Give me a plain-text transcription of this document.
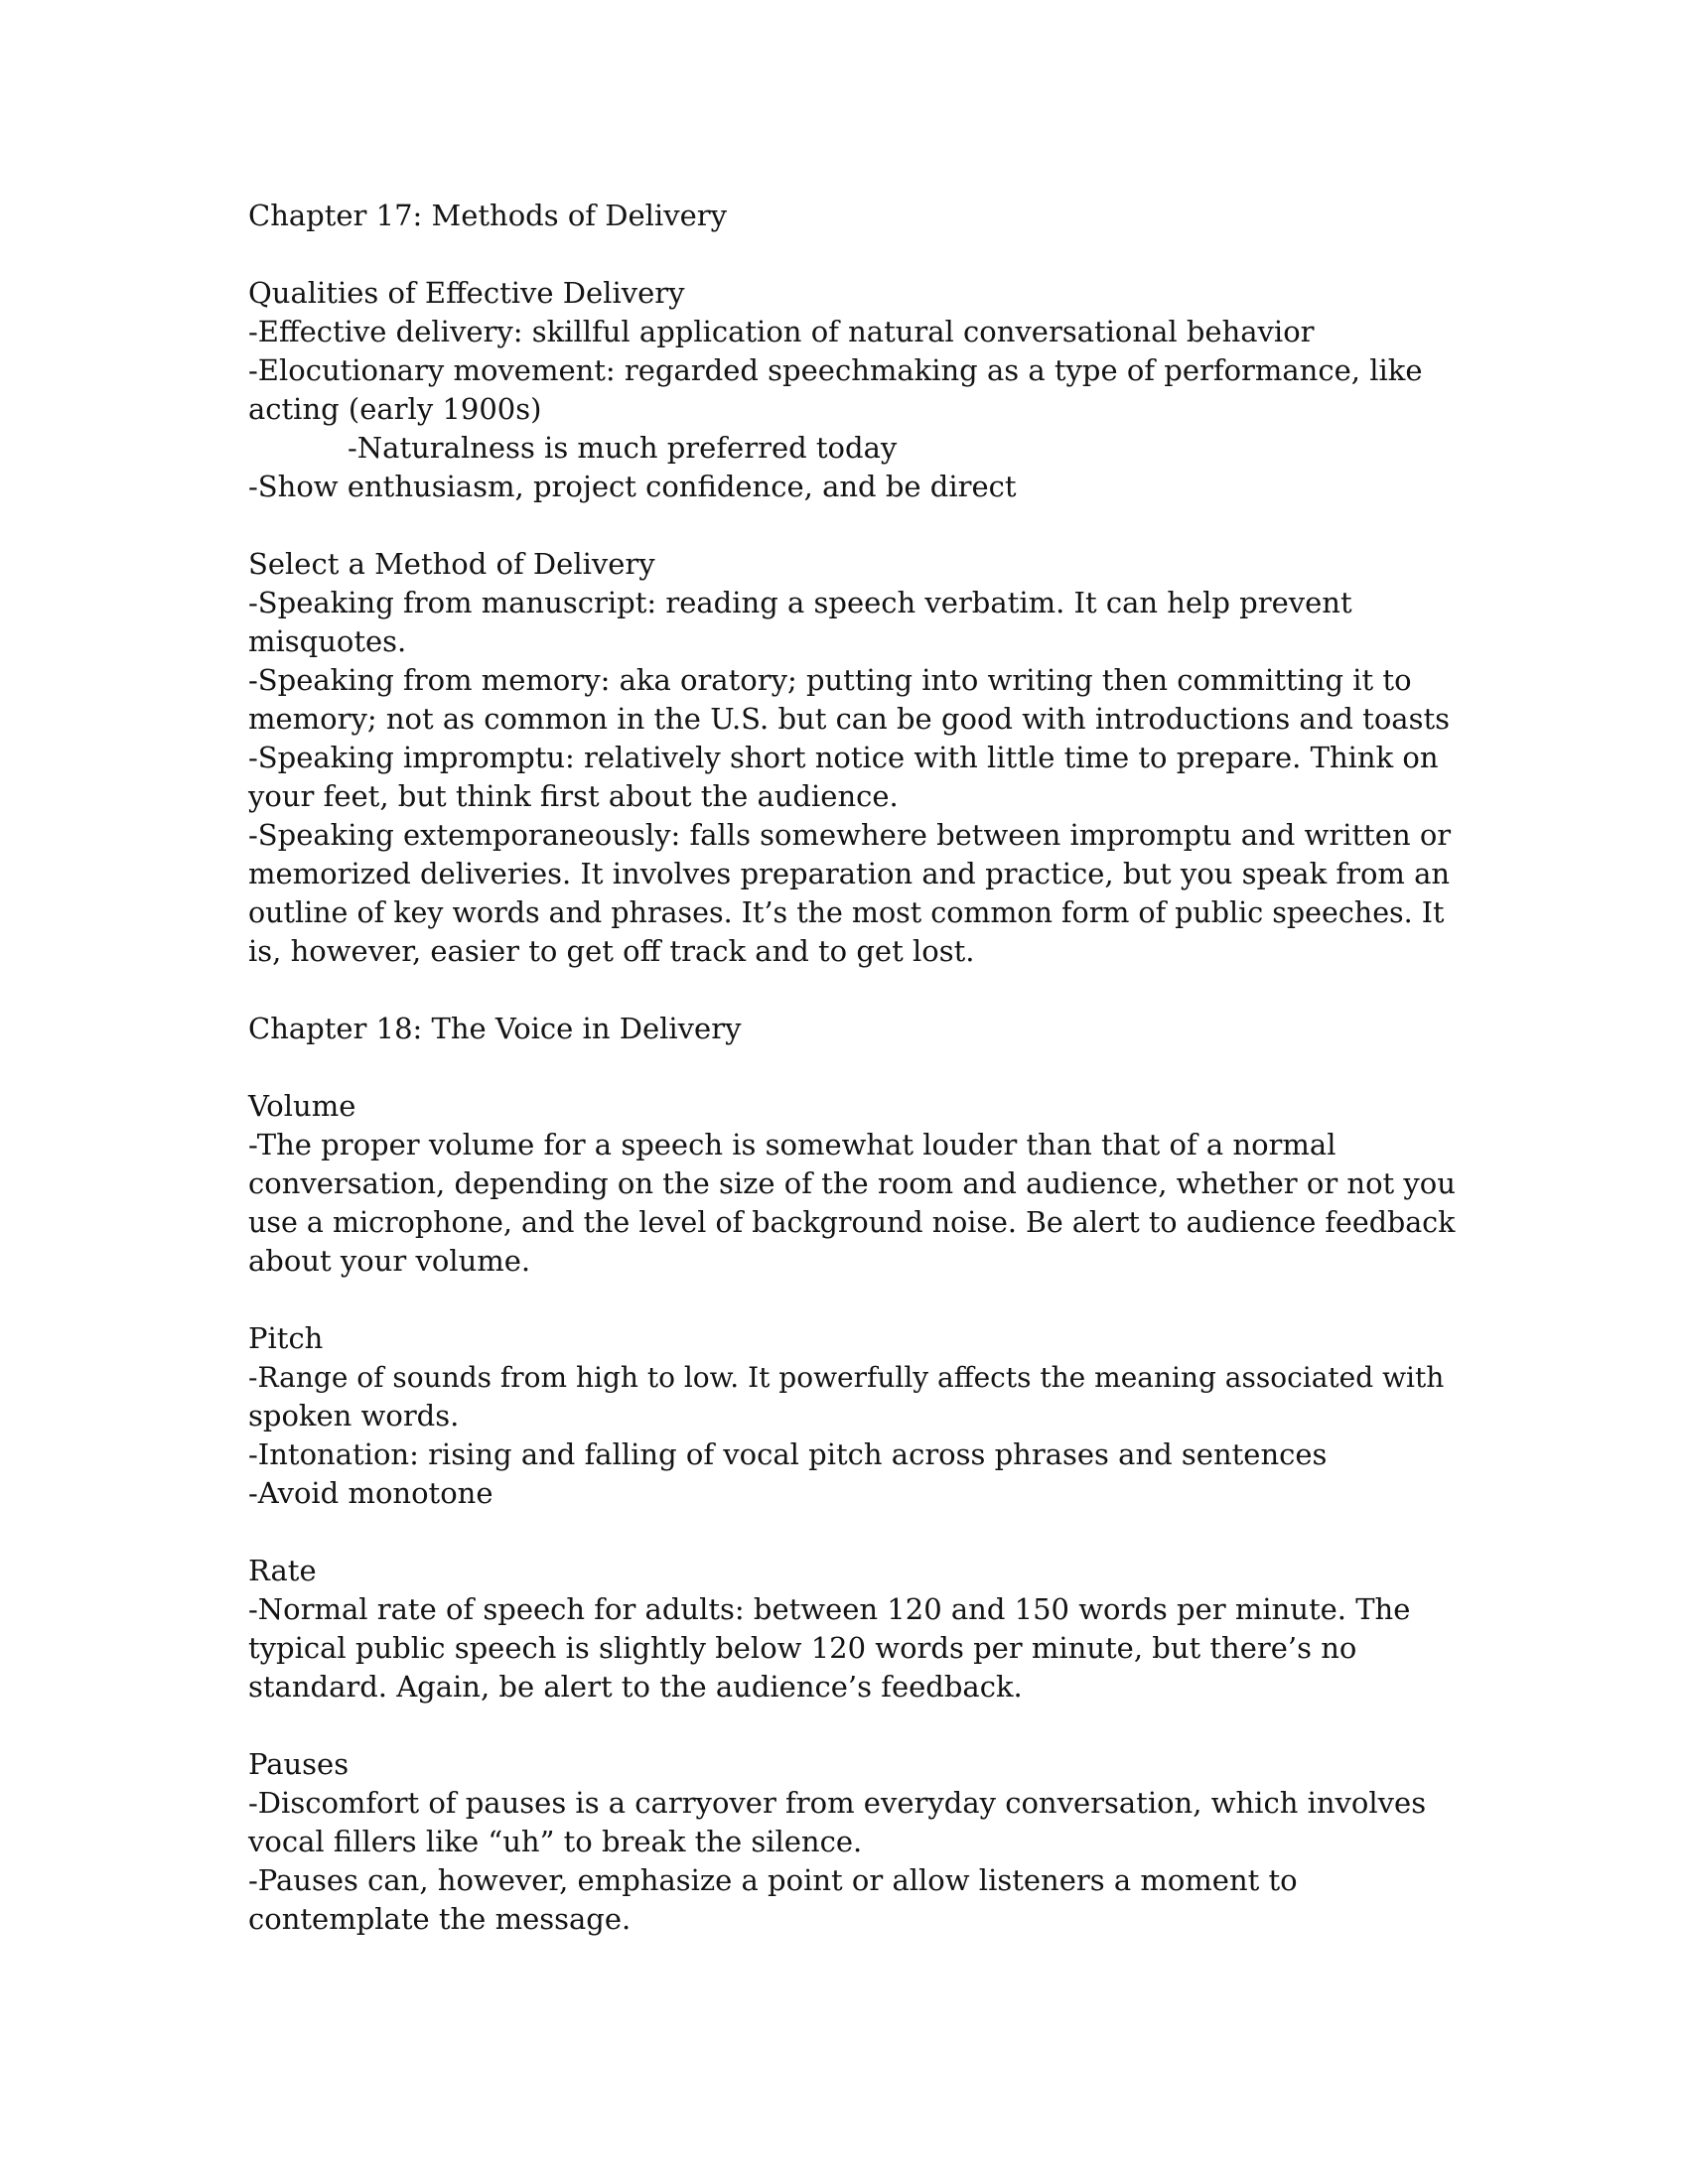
Chapter 17: Methods of Delivery
Qualities of Effective Delivery
-Effective delivery: skillful application of natural conversational behavior
-Elocutionary movement: regarded speechmaking as a type of performance, like
acting (early 1900s)
-Naturalness is much preferred today
-Show enthusiasm, project confidence, and be direct
Select a Method of Delivery
-Speaking from manuscript: reading a speech verbatim. It can help prevent
misquotes.
-Speaking from memory: aka oratory; putting into writing then committing it to
memory; not as common in the U.S. but can be good with introductions and toasts
-Speaking impromptu: relatively short notice with little time to prepare. Think on
your feet, but think first about the audience.
-Speaking extemporaneously: falls somewhere between impromptu and written or
memorized deliveries. It involves preparation and practice, but you speak from an
outline of key words and phrases. It’s the most common form of public speeches. It
is, however, easier to get off track and to get lost.
Chapter 18: The Voice in Delivery
Volume
-The proper volume for a speech is somewhat louder than that of a normal
conversation, depending on the size of the room and audience, whether or not you
use a microphone, and the level of background noise. Be alert to audience feedback
about your volume.
Pitch
-Range of sounds from high to low. It powerfully affects the meaning associated with
spoken words.
-Intonation: rising and falling of vocal pitch across phrases and sentences
-Avoid monotone
Rate
-Normal rate of speech for adults: between 120 and 150 words per minute. The
typical public speech is slightly below 120 words per minute, but there’s no
standard. Again, be alert to the audience’s feedback.
Pauses
-Discomfort of pauses is a carryover from everyday conversation, which involves
vocal fillers like “uh” to break the silence.
-Pauses can, however, emphasize a point or allow listeners a moment to
contemplate the message.
